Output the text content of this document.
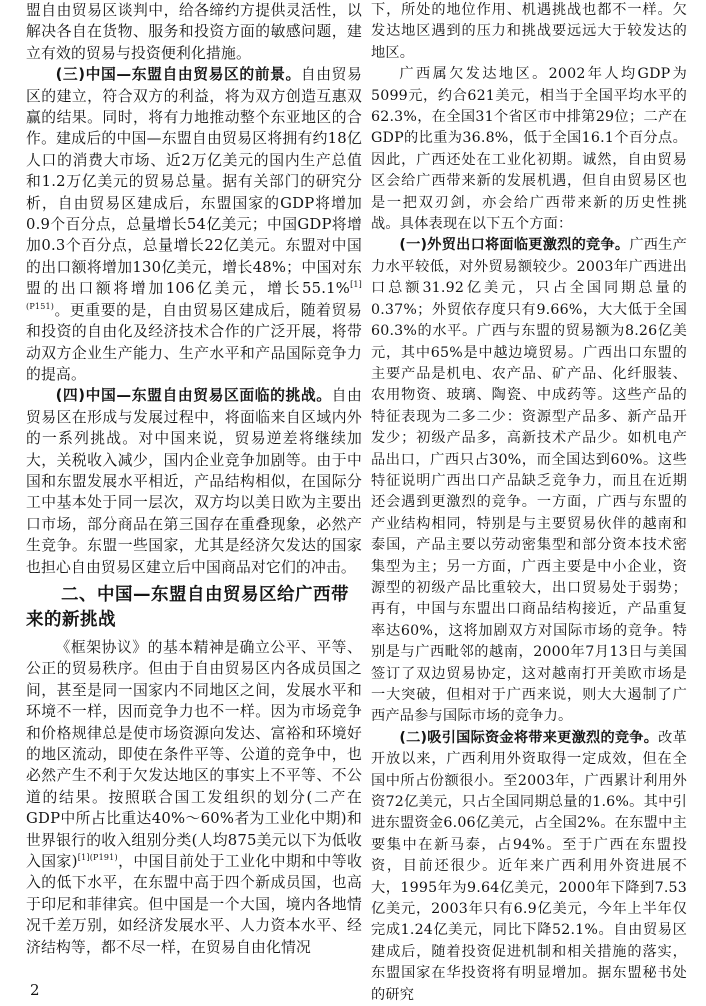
盟自由贸易区谈判中，给各缔约方提供灵活性，以解决各自在货物、服务和投资方面的敏感问题，建立有效的贸易与投资便利化措施。

(三)中国—东盟自由贸易区的前景。自由贸易区的建立，符合双方的利益，将为双方创造互惠双赢的结果。同时，将有力地推动整个东亚地区的合作。建成后的中国—东盟自由贸易区将拥有约18亿人口的消费大市场、近2万亿美元的国内生产总值和1.2万亿美元的贸易总量。据有关部门的研究分析，自由贸易区建成后，东盟国家的GDP将增加0.9个百分点，总量增长54亿美元；中国GDP将增加0.3个百分点，总量增长22亿美元。东盟对中国的出口额将增加130亿美元，增长48%；中国对东盟的出口额将增加106亿美元，增长55.1%$^{[1](P151)}$。更重要的是，自由贸易区建成后，随着贸易和投资的自由化及经济技术合作的广泛开展，将带动双方企业生产能力、生产水平和产品国际竞争力的提高。

(四)中国—东盟自由贸易区面临的挑战。自由贸易区在形成与发展过程中，将面临来自区域内外的一系列挑战。对中国来说，贸易逆差将继续加大，关税收入减少，国内企业竞争加剧等。由于中国和东盟发展水平相近，产品结构相似，在国际分工中基本处于同一层次，双方均以美日欧为主要出口市场，部分商品在第三国存在重叠现象，必然产生竞争。东盟一些国家，尤其是经济欠发达的国家也担心自由贸易区建立后中国商品对它们的冲击。

二、中国—东盟自由贸易区给广西带来的新挑战

《框架协议》的基本精神是确立公平、平等、公正的贸易秩序。但由于自由贸易区内各成员国之间，甚至是同一国家内不同地区之间，发展水平和环境不一样，因而竞争力也不一样。因为市场竞争和价格规律总是使市场资源向发达、富裕和环境好的地区流动，即使在条件平等、公道的竞争中，也必然产生不利于欠发达地区的事实上不平等、不公道的结果。按照联合国工发组织的划分(二产在GDP中所占比重达40%～60%者为工业化中期)和世界银行的收入组别分类(人均875美元以下为低收入国家)$^{[1](P191)}$，中国目前处于工业化中期和中等收入的低下水平，在东盟中高于四个新成员国，也高于印尼和菲律宾。但中国是一个大国，境内各地情况千差万别，如经济发展水平、人力资本水平、经济结构等，都不尽一样，在贸易自由化情况

下，所处的地位作用、机遇挑战也都不一样。欠发达地区遇到的压力和挑战要远远大于较发达的地区。

广西属欠发达地区。2002年人均GDP为5099元，约合621美元，相当于全国平均水平的62.3%，在全国31个省区市中排第29位；二产在GDP的比重为36.8%，低于全国16.1个百分点。因此，广西还处在工业化初期。诚然，自由贸易区会给广西带来新的发展机遇，但自由贸易区也是一把双刃剑，亦会给广西带来新的历史性挑战。具体表现在以下五个方面：

(一)外贸出口将面临更激烈的竞争。广西生产力水平较低，对外贸易额较少。2003年广西进出口总额31.92亿美元，只占全国同期总量的0.37%；外贸依存度只有9.66%，大大低于全国60.3%的水平。广西与东盟的贸易额为8.26亿美元，其中65%是中越边境贸易。广西出口东盟的主要产品是机电、农产品、矿产品、化纤服装、农用物资、玻璃、陶瓷、中成药等。这些产品的特征表现为二多二少：资源型产品多、新产品开发少；初级产品多，高新技术产品少。如机电产品出口，广西只占30%，而全国达到60%。这些特征说明广西出口产品缺乏竞争力，而且在近期还会遇到更激烈的竞争。一方面，广西与东盟的产业结构相同，特别是与主要贸易伙伴的越南和泰国，产品主要以劳动密集型和部分资本技术密集型为主；另一方面，广西主要是中小企业，资源型的初级产品比重较大，出口贸易处于弱势；再有，中国与东盟出口商品结构接近，产品重复率达60%，这将加剧双方对国际市场的竞争。特别是与广西毗邻的越南，2000年7月13日与美国签订了双边贸易协定，这对越南打开美欧市场是一大突破，但相对于广西来说，则大大遏制了广西产品参与国际市场的竞争力。

(二)吸引国际资金将带来更激烈的竞争。改革开放以来，广西利用外资取得一定成效，但在全国中所占份额很小。至2003年，广西累计利用外资72亿美元，只占全国同期总量的1.6%。其中引进东盟资金6.06亿美元，占全国2%。在东盟中主要集中在新马泰，占94%。至于广西在东盟投资，目前还很少。近年来广西利用外资进展不大，1995年为9.64亿美元，2000年下降到7.53亿美元，2003年只有6.9亿美元，今年上半年仅完成1.24亿美元，同比下降52.1%。自由贸易区建成后，随着投资促进机制和相关措施的落实，东盟国家在华投资将有明显增加。据东盟秘书处的研究

2
